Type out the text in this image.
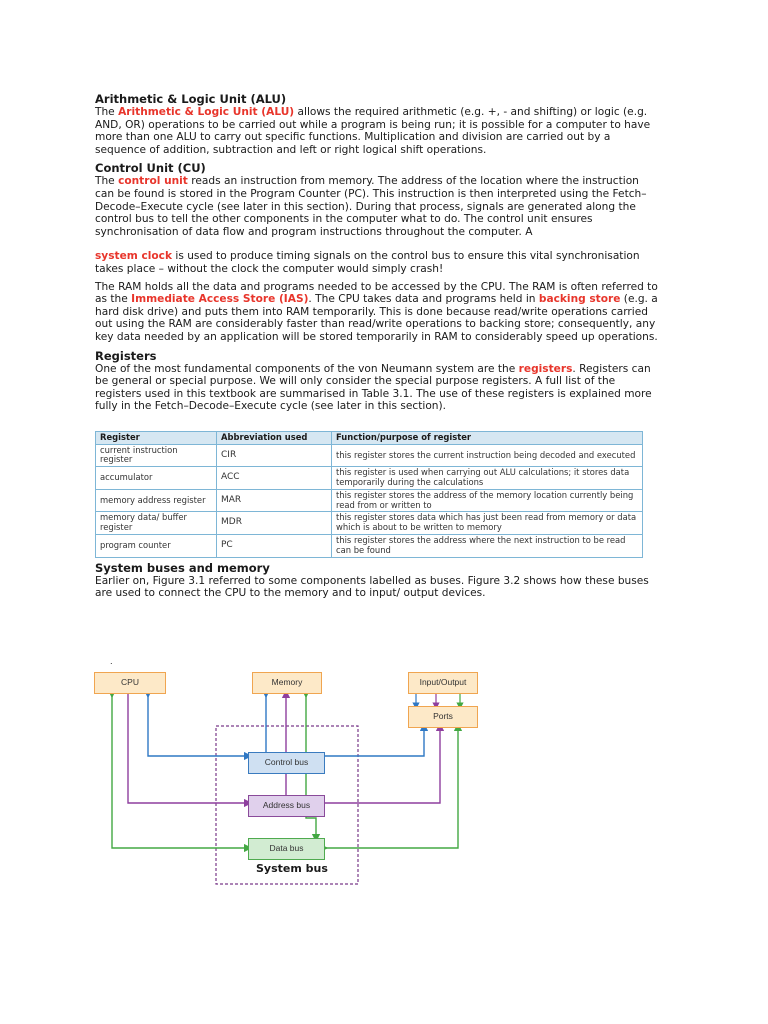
Arithmetic & Logic Unit (ALU)

The Arithmetic & Logic Unit (ALU) allows the required arithmetic (e.g. +, - and shifting) or logic (e.g. AND, OR) operations to be carried out while a program is being run; it is possible for a computer to have more than one ALU to carry out specific functions. Multiplication and division are carried out by a sequence of addition, subtraction and left or right logical shift operations.

Control Unit (CU)

The control unit reads an instruction from memory. The address of the location where the instruction can be found is stored in the Program Counter (PC). This instruction is then interpreted using the Fetch–Decode–Execute cycle (see later in this section). During that process, signals are generated along the control bus to tell the other components in the computer what to do. The control unit ensures synchronisation of data flow and program instructions throughout the computer. A

system clock is used to produce timing signals on the control bus to ensure this vital synchronisation takes place – without the clock the computer would simply crash!

The RAM holds all the data and programs needed to be accessed by the CPU. The RAM is often referred to as the Immediate Access Store (IAS). The CPU takes data and programs held in backing store (e.g. a hard disk drive) and puts them into RAM temporarily. This is done because read/write operations carried out using the RAM are considerably faster than read/write operations to backing store; consequently, any key data needed by an application will be stored temporarily in RAM to considerably speed up operations.

Registers

One of the most fundamental components of the von Neumann system are the registers. Registers can be general or special purpose. We will only consider the special purpose registers. A full list of the registers used in this textbook are summarised in Table 3.1. The use of these registers is explained more fully in the Fetch–Decode–Execute cycle (see later in this section).

Register	Abbreviation used	Function/purpose of register
current instruction register	CIR	this register stores the current instruction being decoded and executed
accumulator	ACC	this register is used when carrying out ALU calculations; it stores data temporarily during the calculations
memory address register	MAR	this register stores the address of the memory location currently being read from or written to
memory data/ buffer register	MDR	this register stores data which has just been read from memory or data which is about to be written to memory
program counter	PC	this register stores the address where the next instruction to be read can be found
System buses and memory

Earlier on, Figure 3.1 referred to some components labelled as buses. Figure 3.2 shows how these buses are used to connect the CPU to the memory and to input/ output devices.

.
CPU	Memory	Input/Output
Ports
Control bus
Address bus
Data bus
System bus
